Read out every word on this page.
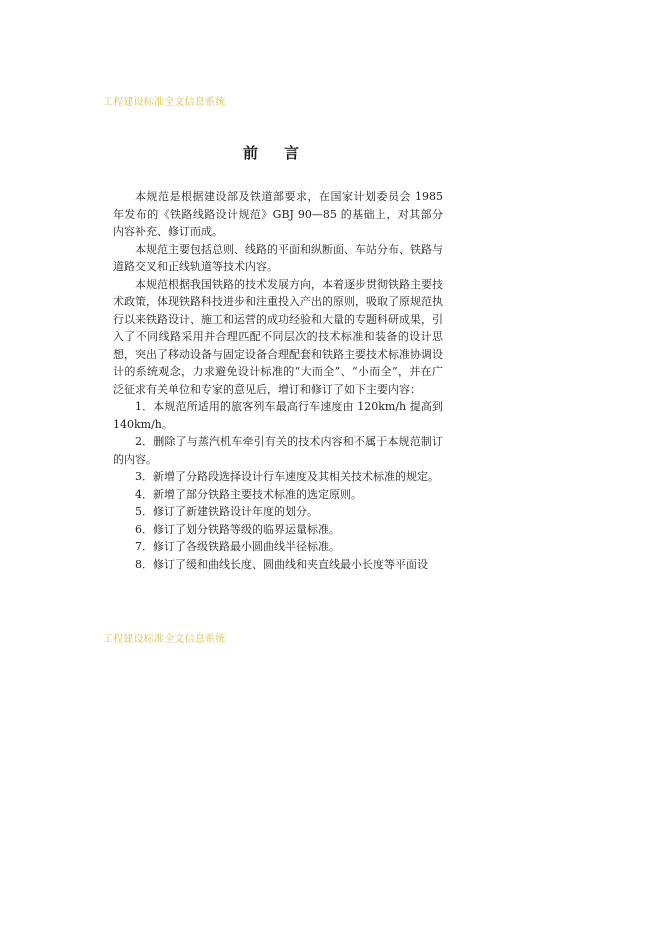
工程建设标准全文信息系统
前言

本规范是根据建设部及铁道部要求，在国家计划委员会 1985 年发布的《铁路线路设计规范》GBJ 90—85 的基础上，对其部分内容补充、修订而成。

本规范主要包括总则、线路的平面和纵断面、车站分布、铁路与道路交叉和正线轨道等技术内容。

本规范根据我国铁路的技术发展方向，本着逐步贯彻铁路主要技术政策，体现铁路科技进步和注重投入产出的原则，吸取了原规范执行以来铁路设计、施工和运营的成功经验和大量的专题科研成果，引入了不同线路采用并合理匹配不同层次的技术标准和装备的设计思想，突出了移动设备与固定设备合理配套和铁路主要技术标准协调设计的系统观念，力求避免设计标准的“大而全”、“小而全”，并在广泛征求有关单位和专家的意见后，增订和修订了如下主要内容：

1．本规范所适用的旅客列车最高行车速度由 120km/h 提高到 140km/h。

2．删除了与蒸汽机车牵引有关的技术内容和不属于本规范制订的内容。

3．新增了分路段选择设计行车速度及其相关技术标准的规定。

4．新增了部分铁路主要技术标准的选定原则。

5．修订了新建铁路设计年度的划分。

6．修订了划分铁路等级的临界运量标准。

7．修订了各级铁路最小圆曲线半径标准。

8．修订了缓和曲线长度、圆曲线和夹直线最小长度等平面设

工程建设标准全文信息系统
